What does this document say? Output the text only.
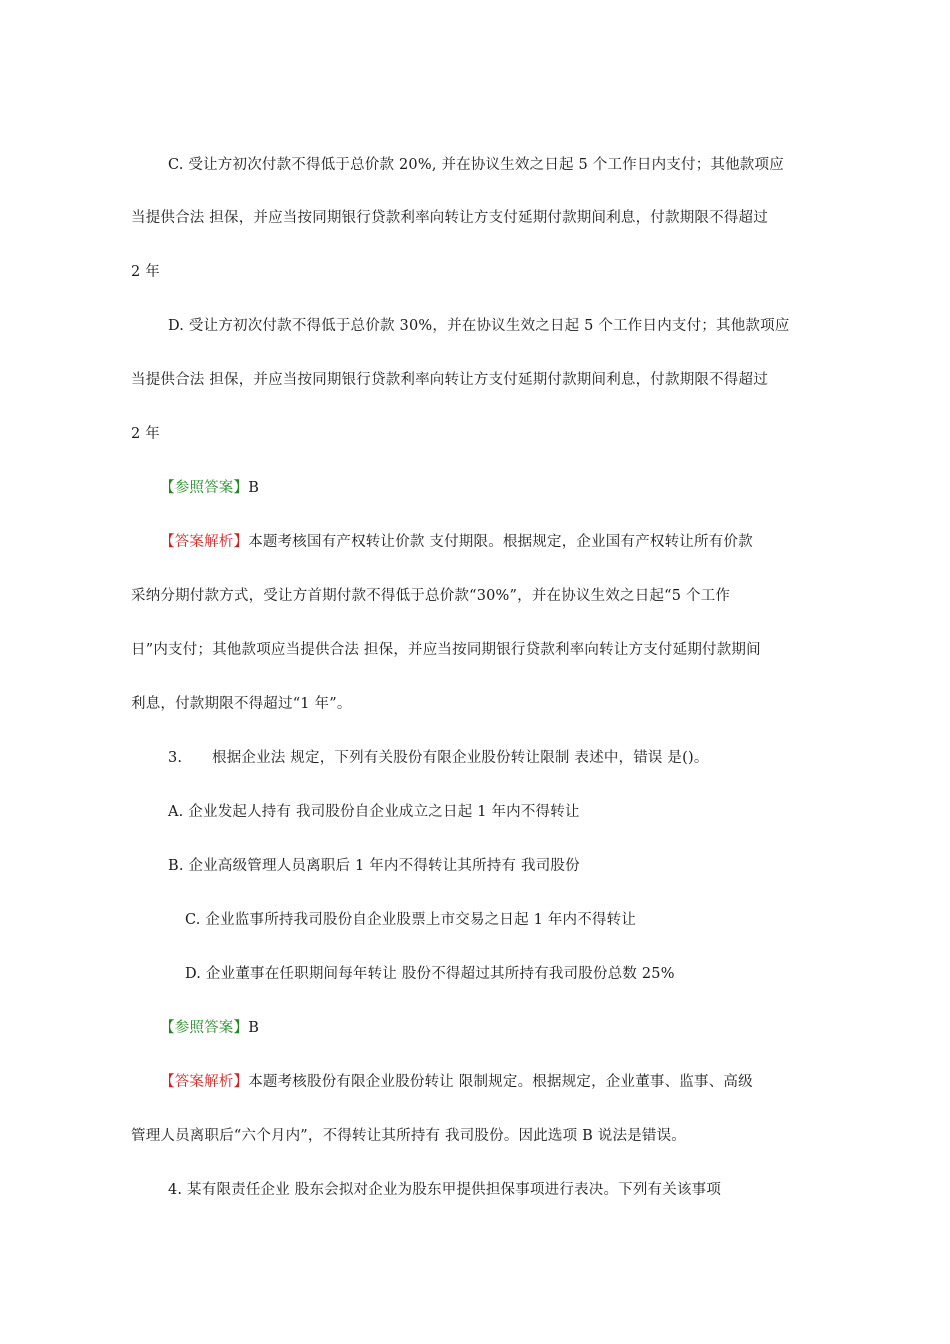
C. 受让方初次付款不得低于总价款 20%, 并在协议生效之日起 5 个工作日内支付；其他款项应
当提供合法 担保，并应当按同期银行贷款利率向转让方支付延期付款期间利息，付款期限不得超过
2 年
D. 受让方初次付款不得低于总价款 30%，并在协议生效之日起 5 个工作日内支付；其他款项应
当提供合法 担保，并应当按同期银行贷款利率向转让方支付延期付款期间利息，付款期限不得超过
2 年
【参照答案】B
【答案解析】本题考核国有产权转让价款 支付期限。根据规定，企业国有产权转让所有价款
采纳分期付款方式，受让方首期付款不得低于总价款“30%”，并在协议生效之日起“5 个工作
日”内支付；其他款项应当提供合法 担保，并应当按同期银行贷款利率向转让方支付延期付款期间
利息，付款期限不得超过“1 年”。
3. 根据企业法 规定，下列有关股份有限企业股份转让限制 表述中，错误 是()。
A. 企业发起人持有 我司股份自企业成立之日起 1 年内不得转让
B. 企业高级管理人员离职后 1 年内不得转让其所持有 我司股份
C. 企业监事所持我司股份自企业股票上市交易之日起 1 年内不得转让
D. 企业董事在任职期间每年转让 股份不得超过其所持有我司股份总数 25%
【参照答案】B
【答案解析】本题考核股份有限企业股份转让 限制规定。根据规定，企业董事、监事、高级
管理人员离职后“六个月内”，不得转让其所持有 我司股份。因此选项 B 说法是错误。
4. 某有限责任企业 股东会拟对企业为股东甲提供担保事项进行表决。下列有关该事项
